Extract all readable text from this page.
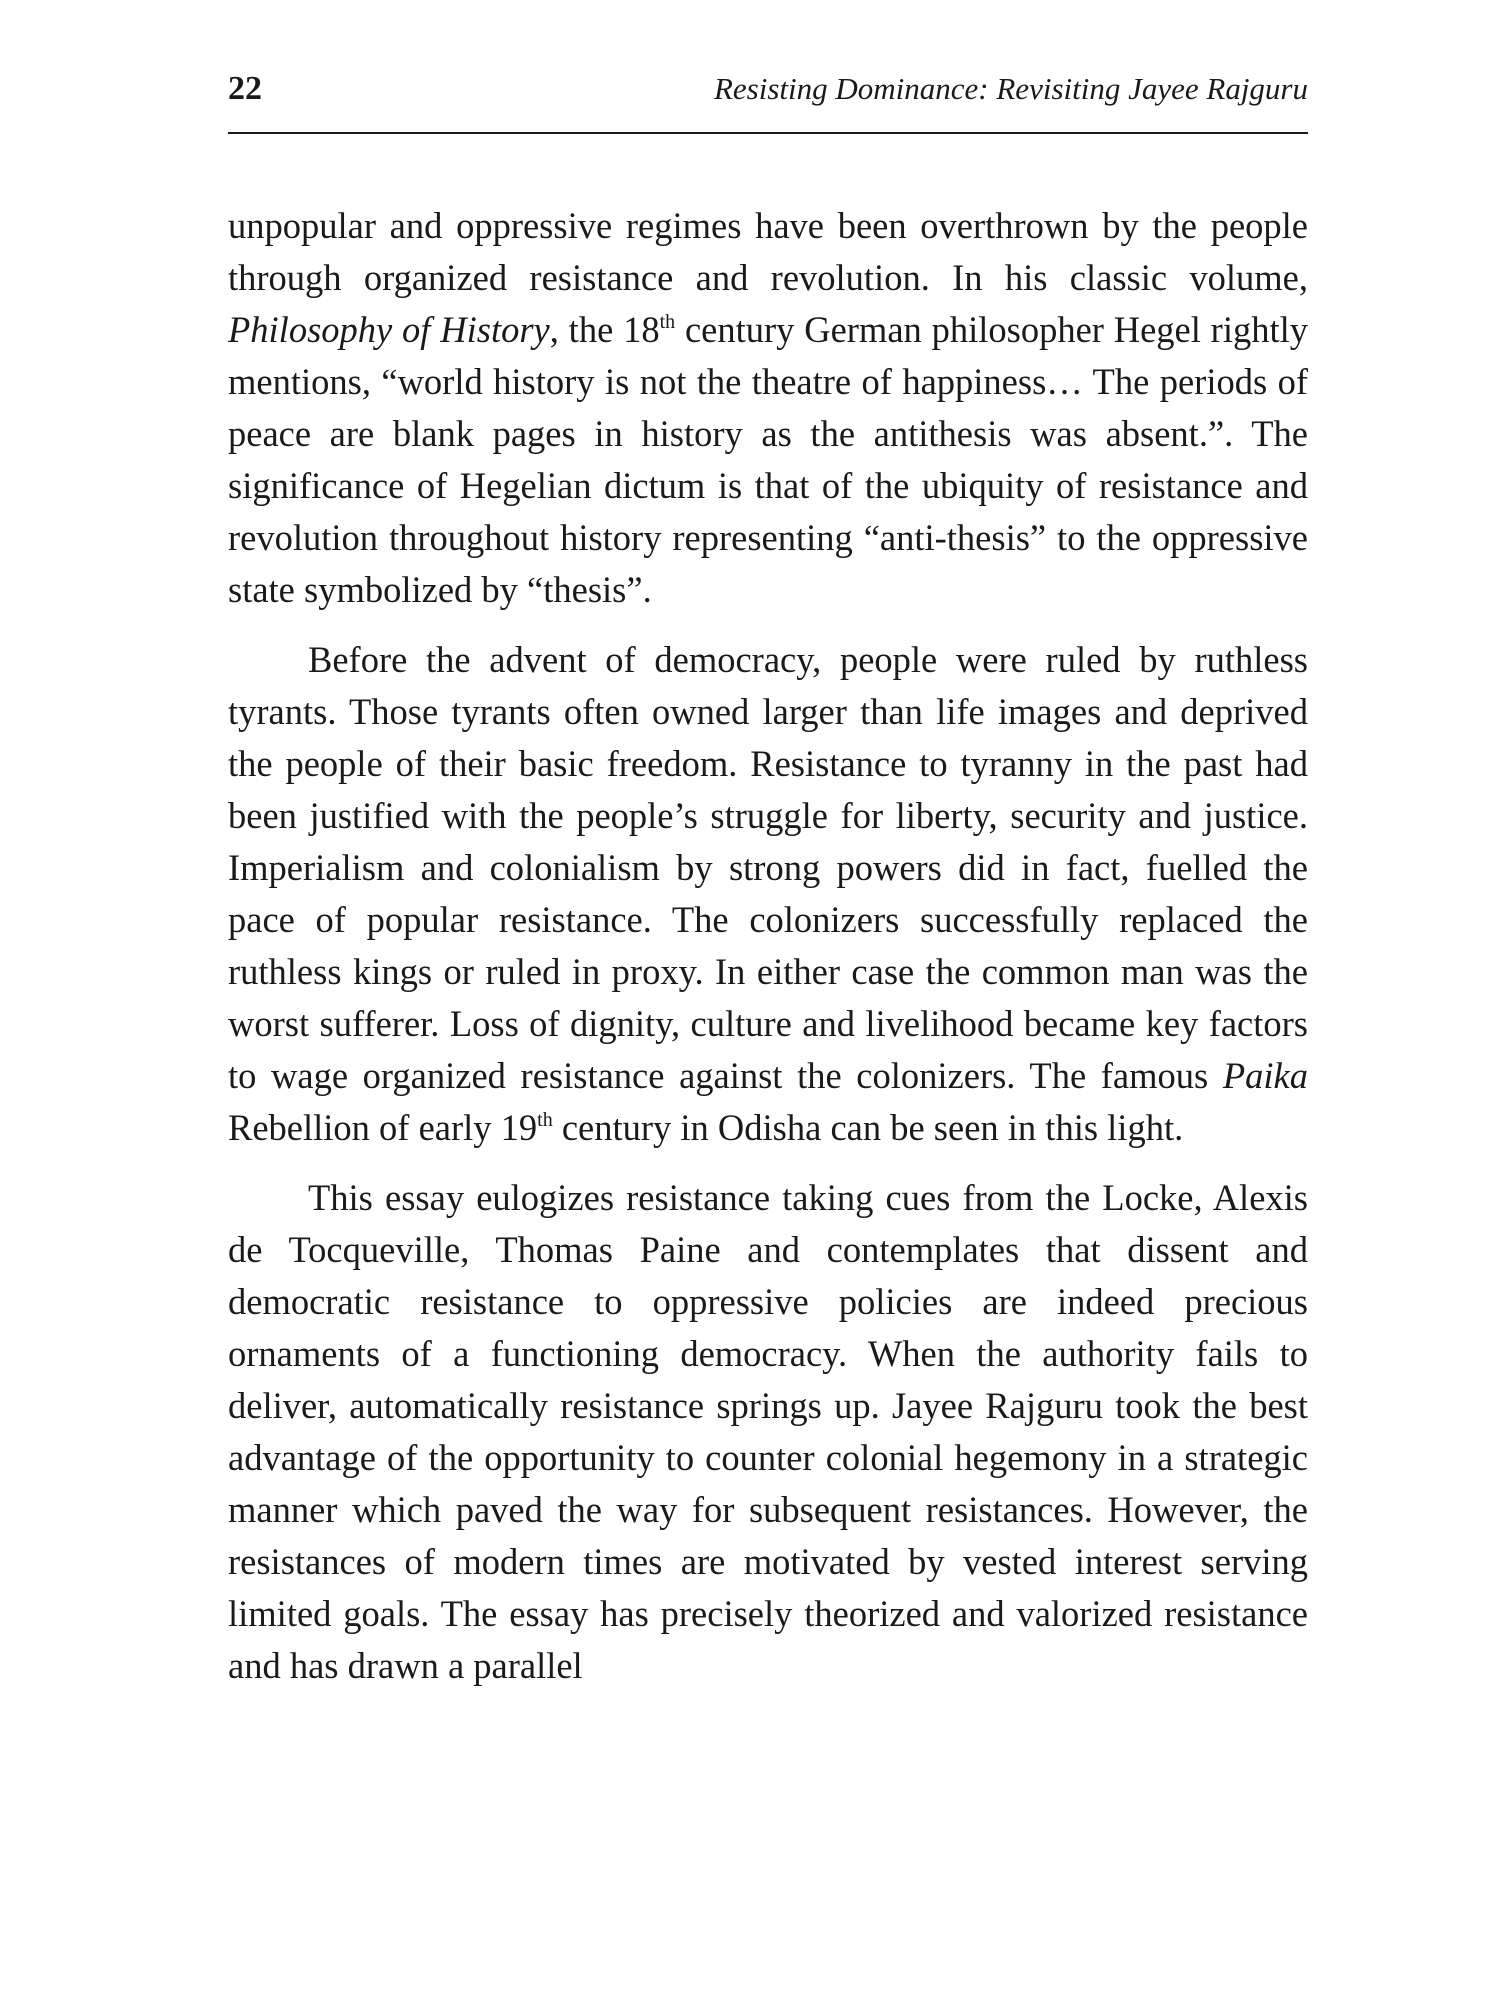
22	Resisting Dominance: Revisiting Jayee Rajguru

unpopular and oppressive regimes have been overthrown by the people through organized resistance and revolution. In his classic volume, Philosophy of History, the 18th century German philosopher Hegel rightly mentions, “world history is not the theatre of happiness… The periods of peace are blank pages in history as the antithesis was absent.”. The significance of Hegelian dictum is that of the ubiquity of resistance and revolution throughout history representing “anti-thesis” to the oppressive state symbolized by “thesis”.

Before the advent of democracy, people were ruled by ruthless tyrants. Those tyrants often owned larger than life images and deprived the people of their basic freedom. Resistance to tyranny in the past had been justified with the people’s struggle for liberty, security and justice. Imperialism and colonialism by strong powers did in fact, fuelled the pace of popular resistance. The colonizers successfully replaced the ruthless kings or ruled in proxy. In either case the common man was the worst sufferer. Loss of dignity, culture and livelihood became key factors to wage organized resistance against the colonizers. The famous Paika Rebellion of early 19th century in Odisha can be seen in this light.

This essay eulogizes resistance taking cues from the Locke, Alexis de Tocqueville, Thomas Paine and contemplates that dissent and democratic resistance to oppressive policies are indeed precious ornaments of a functioning democracy. When the authority fails to deliver, automatically resistance springs up. Jayee Rajguru took the best advantage of the opportunity to counter colonial hegemony in a strategic manner which paved the way for subsequent resistances. However, the resistances of modern times are motivated by vested interest serving limited goals. The essay has precisely theorized and valorized resistance and has drawn a parallel
